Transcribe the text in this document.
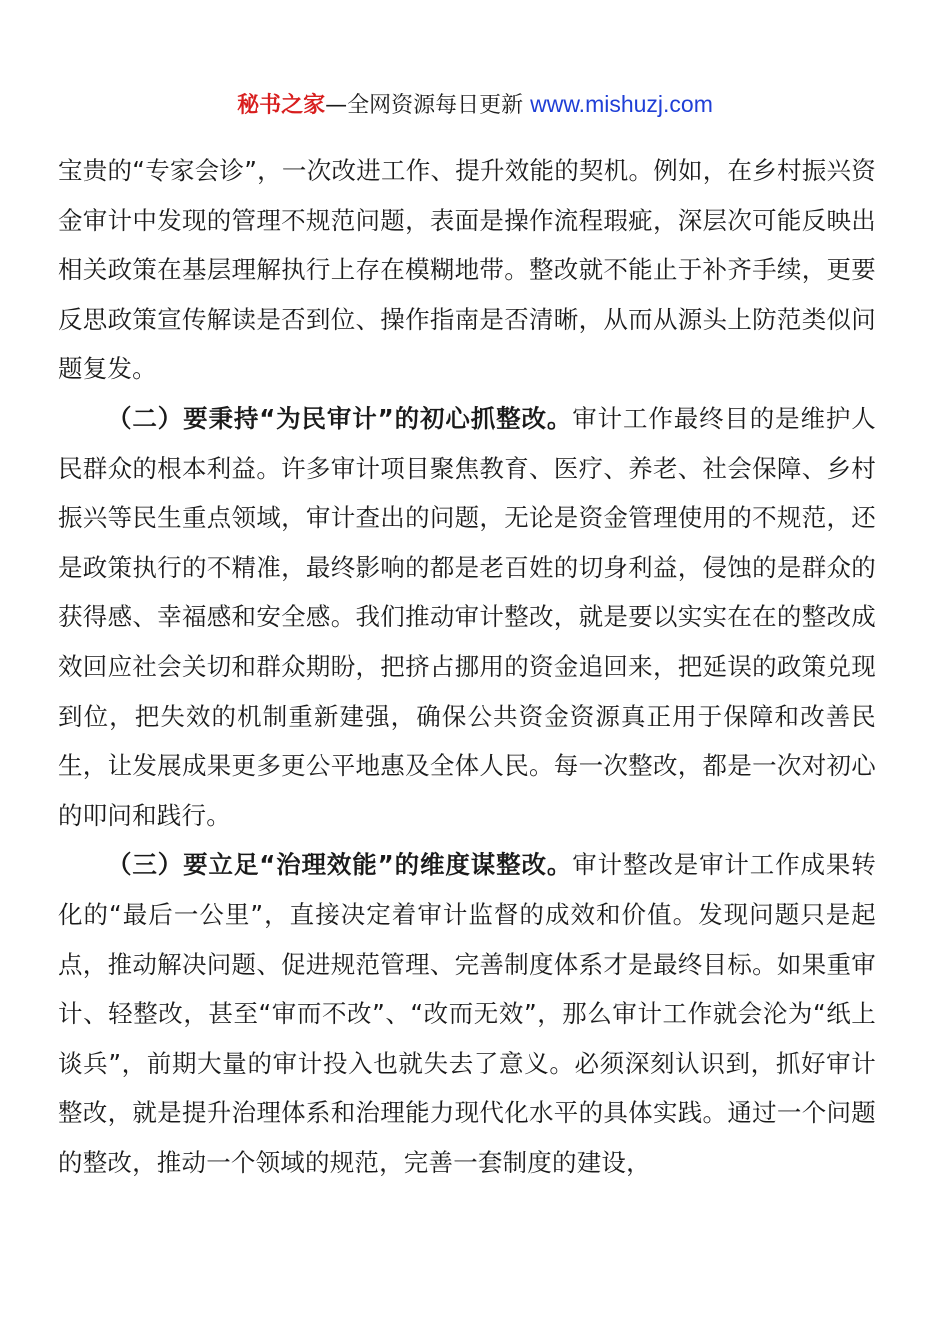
秘书之家—全网资源每日更新 www.mishuzj.com

宝贵的“专家会诊”，一次改进工作、提升效能的契机。例如，在乡村振兴资金审计中发现的管理不规范问题，表面是操作流程瑕疵，深层次可能反映出相关政策在基层理解执行上存在模糊地带。整改就不能止于补齐手续，更要反思政策宣传解读是否到位、操作指南是否清晰，从而从源头上防范类似问题复发。

（二）要秉持“为民审计”的初心抓整改。审计工作最终目的是维护人民群众的根本利益。许多审计项目聚焦教育、医疗、养老、社会保障、乡村振兴等民生重点领域，审计查出的问题，无论是资金管理使用的不规范，还是政策执行的不精准，最终影响的都是老百姓的切身利益，侵蚀的是群众的获得感、幸福感和安全感。我们推动审计整改，就是要以实实在在的整改成效回应社会关切和群众期盼，把挤占挪用的资金追回来，把延误的政策兑现到位，把失效的机制重新建强，确保公共资金资源真正用于保障和改善民生，让发展成果更多更公平地惠及全体人民。每一次整改，都是一次对初心的叩问和践行。

（三）要立足“治理效能”的维度谋整改。审计整改是审计工作成果转化的“最后一公里”，直接决定着审计监督的成效和价值。发现问题只是起点，推动解决问题、促进规范管理、完善制度体系才是最终目标。如果重审计、轻整改，甚至“审而不改”、“改而无效”，那么审计工作就会沦为“纸上谈兵”，前期大量的审计投入也就失去了意义。必须深刻认识到，抓好审计整改，就是提升治理体系和治理能力现代化水平的具体实践。通过一个问题的整改，推动一个领域的规范，完善一套制度的建设，
